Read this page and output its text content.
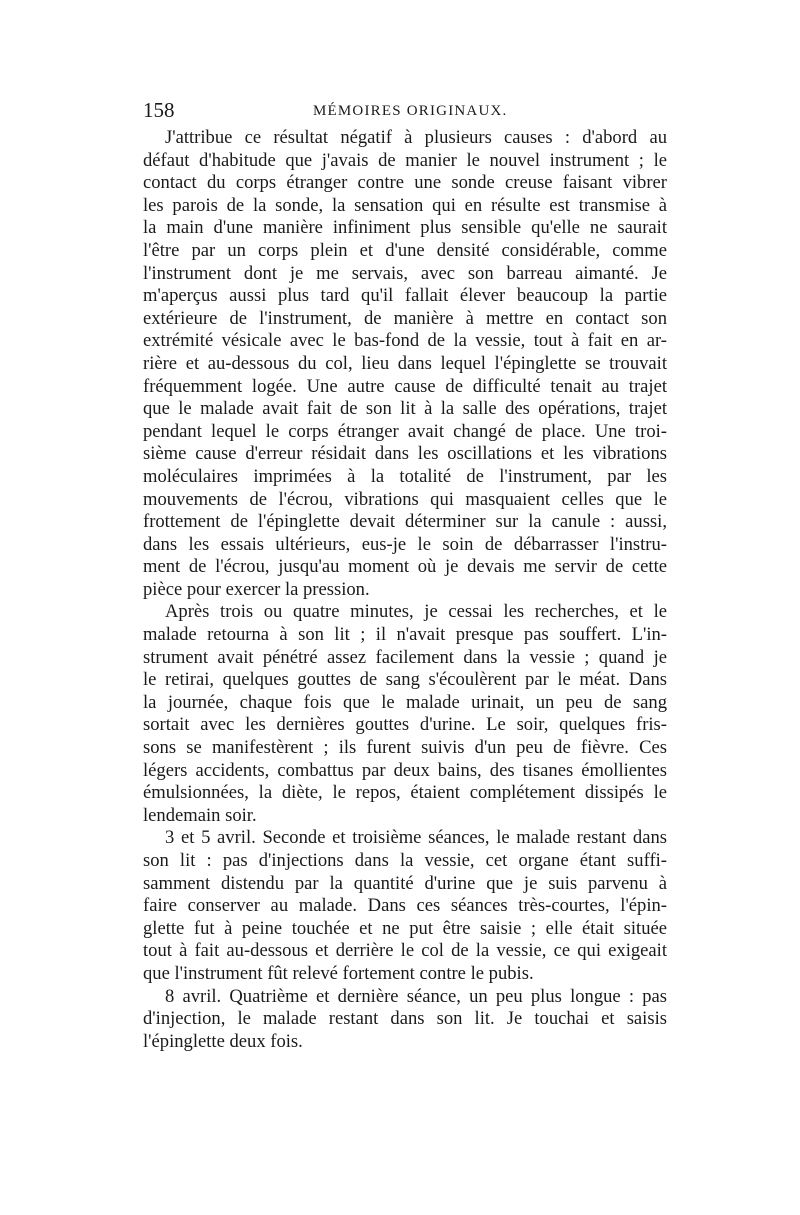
158	MÉMOIRES ORIGINAUX.
J'attribue ce résultat négatif à plusieurs causes : d'abord au
défaut d'habitude que j'avais de manier le nouvel instrument ; le
contact du corps étranger contre une sonde creuse faisant vibrer
les parois de la sonde, la sensation qui en résulte est transmise à
la main d'une manière infiniment plus sensible qu'elle ne saurait
l'être par un corps plein et d'une densité considérable, comme
l'instrument dont je me servais, avec son barreau aimanté. Je
m'aperçus aussi plus tard qu'il fallait élever beaucoup la partie
extérieure de l'instrument, de manière à mettre en contact son
extrémité vésicale avec le bas-fond de la vessie, tout à fait en ar-
rière et au-dessous du col, lieu dans lequel l'épinglette se trouvait
fréquemment logée. Une autre cause de difficulté tenait au trajet
que le malade avait fait de son lit à la salle des opérations, trajet
pendant lequel le corps étranger avait changé de place. Une troi-
sième cause d'erreur résidait dans les oscillations et les vibrations
moléculaires imprimées à la totalité de l'instrument, par les
mouvements de l'écrou, vibrations qui masquaient celles que le
frottement de l'épinglette devait déterminer sur la canule : aussi,
dans les essais ultérieurs, eus-je le soin de débarrasser l'instru-
ment de l'écrou, jusqu'au moment où je devais me servir de cette
pièce pour exercer la pression.
Après trois ou quatre minutes, je cessai les recherches, et le
malade retourna à son lit ; il n'avait presque pas souffert. L'in-
strument avait pénétré assez facilement dans la vessie ; quand je
le retirai, quelques gouttes de sang s'écoulèrent par le méat. Dans
la journée, chaque fois que le malade urinait, un peu de sang
sortait avec les dernières gouttes d'urine. Le soir, quelques fris-
sons se manifestèrent ; ils furent suivis d'un peu de fièvre. Ces
légers accidents, combattus par deux bains, des tisanes émollientes
émulsionnées, la diète, le repos, étaient complétement dissipés le
lendemain soir.
3 et 5 avril. Seconde et troisième séances, le malade restant dans
son lit : pas d'injections dans la vessie, cet organe étant suffi-
samment distendu par la quantité d'urine que je suis parvenu à
faire conserver au malade. Dans ces séances très-courtes, l'épin-
glette fut à peine touchée et ne put être saisie ; elle était située
tout à fait au-dessous et derrière le col de la vessie, ce qui exigeait
que l'instrument fût relevé fortement contre le pubis.
8 avril. Quatrième et dernière séance, un peu plus longue : pas
d'injection, le malade restant dans son lit. Je touchai et saisis
l'épinglette deux fois.
